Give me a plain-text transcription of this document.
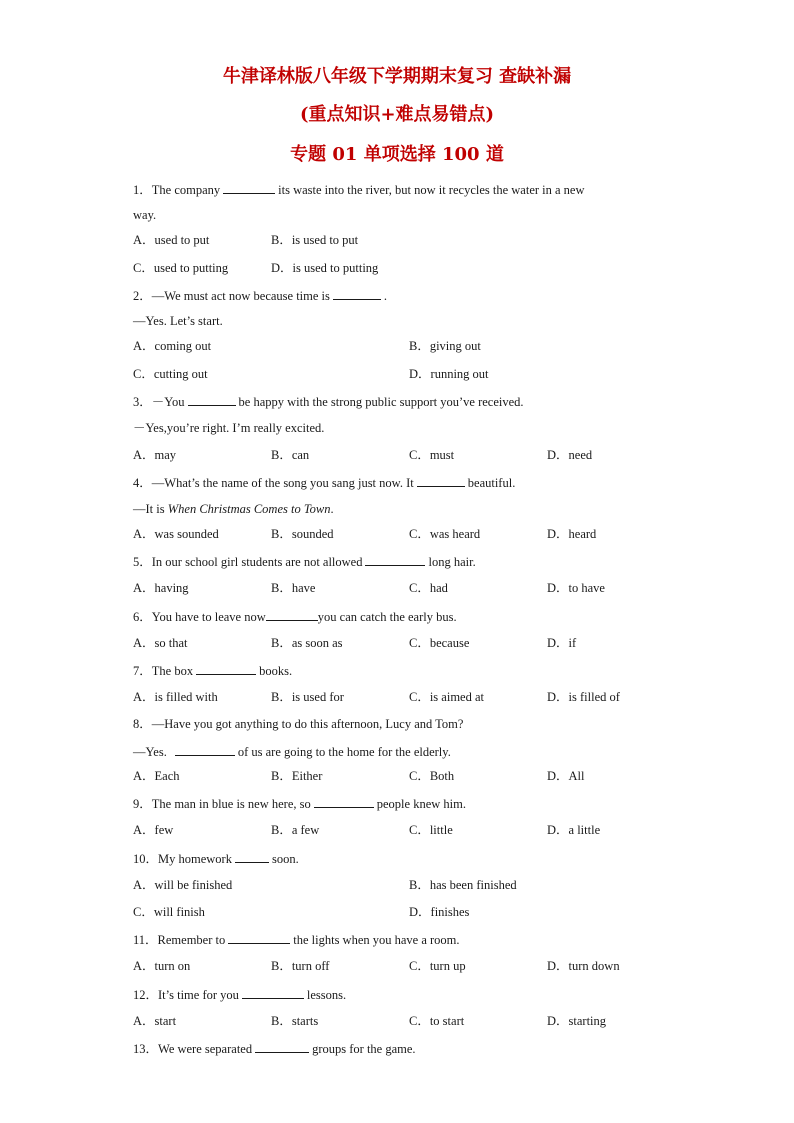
牛津译林版八年级下学期期末复习 查缺补漏
(重点知识+难点易错点)
专题 01 单项选择 100 道
1．The company	its waste into the river, but now it recycles the water in a new
way.
A．used to put	B．is used to put
C．used to putting	D．is used to putting
2．—We must act now because time is	.
—Yes. Let’s start.
A．coming out	B．giving out
C．cutting out	D．running out
3．－You	be happy with the strong public support you’ve received.
－Yes,you’re right. I’m really excited.
A．may	B．can	C．must	D．need
4．—What’s the name of the song you sang just now. It	beautiful.
—It is When Christmas Comes to Town.
A．was sounded	B．sounded	C．was heard	D．heard
5．In our school girl students are not allowed	long hair.
A．having	B．have	C．had	D．to have
6．You have to leave now	you can catch the early bus.
A．so that	B．as soon as	C．because	D．if
7．The box	books.
A．is filled with	B．is used for	C．is aimed at	D．is filled of
8．—Have you got anything to do this afternoon, Lucy and Tom?
—Yes.	of us are going to the home for the elderly.
A．Each	B．Either	C．Both	D．All
9．The man in blue is new here, so	people knew him.
A．few	B．a few	C．little	D．a little
10．My homework	soon.
A．will be finished	B．has been finished
C．will finish	D．finishes
11．Remember to	the lights when you have a room.
A．turn on	B．turn off	C．turn up	D．turn down
12．It’s time for you	lessons.
A．start	B．starts	C．to start	D．starting
13．We were separated	groups for the game.
